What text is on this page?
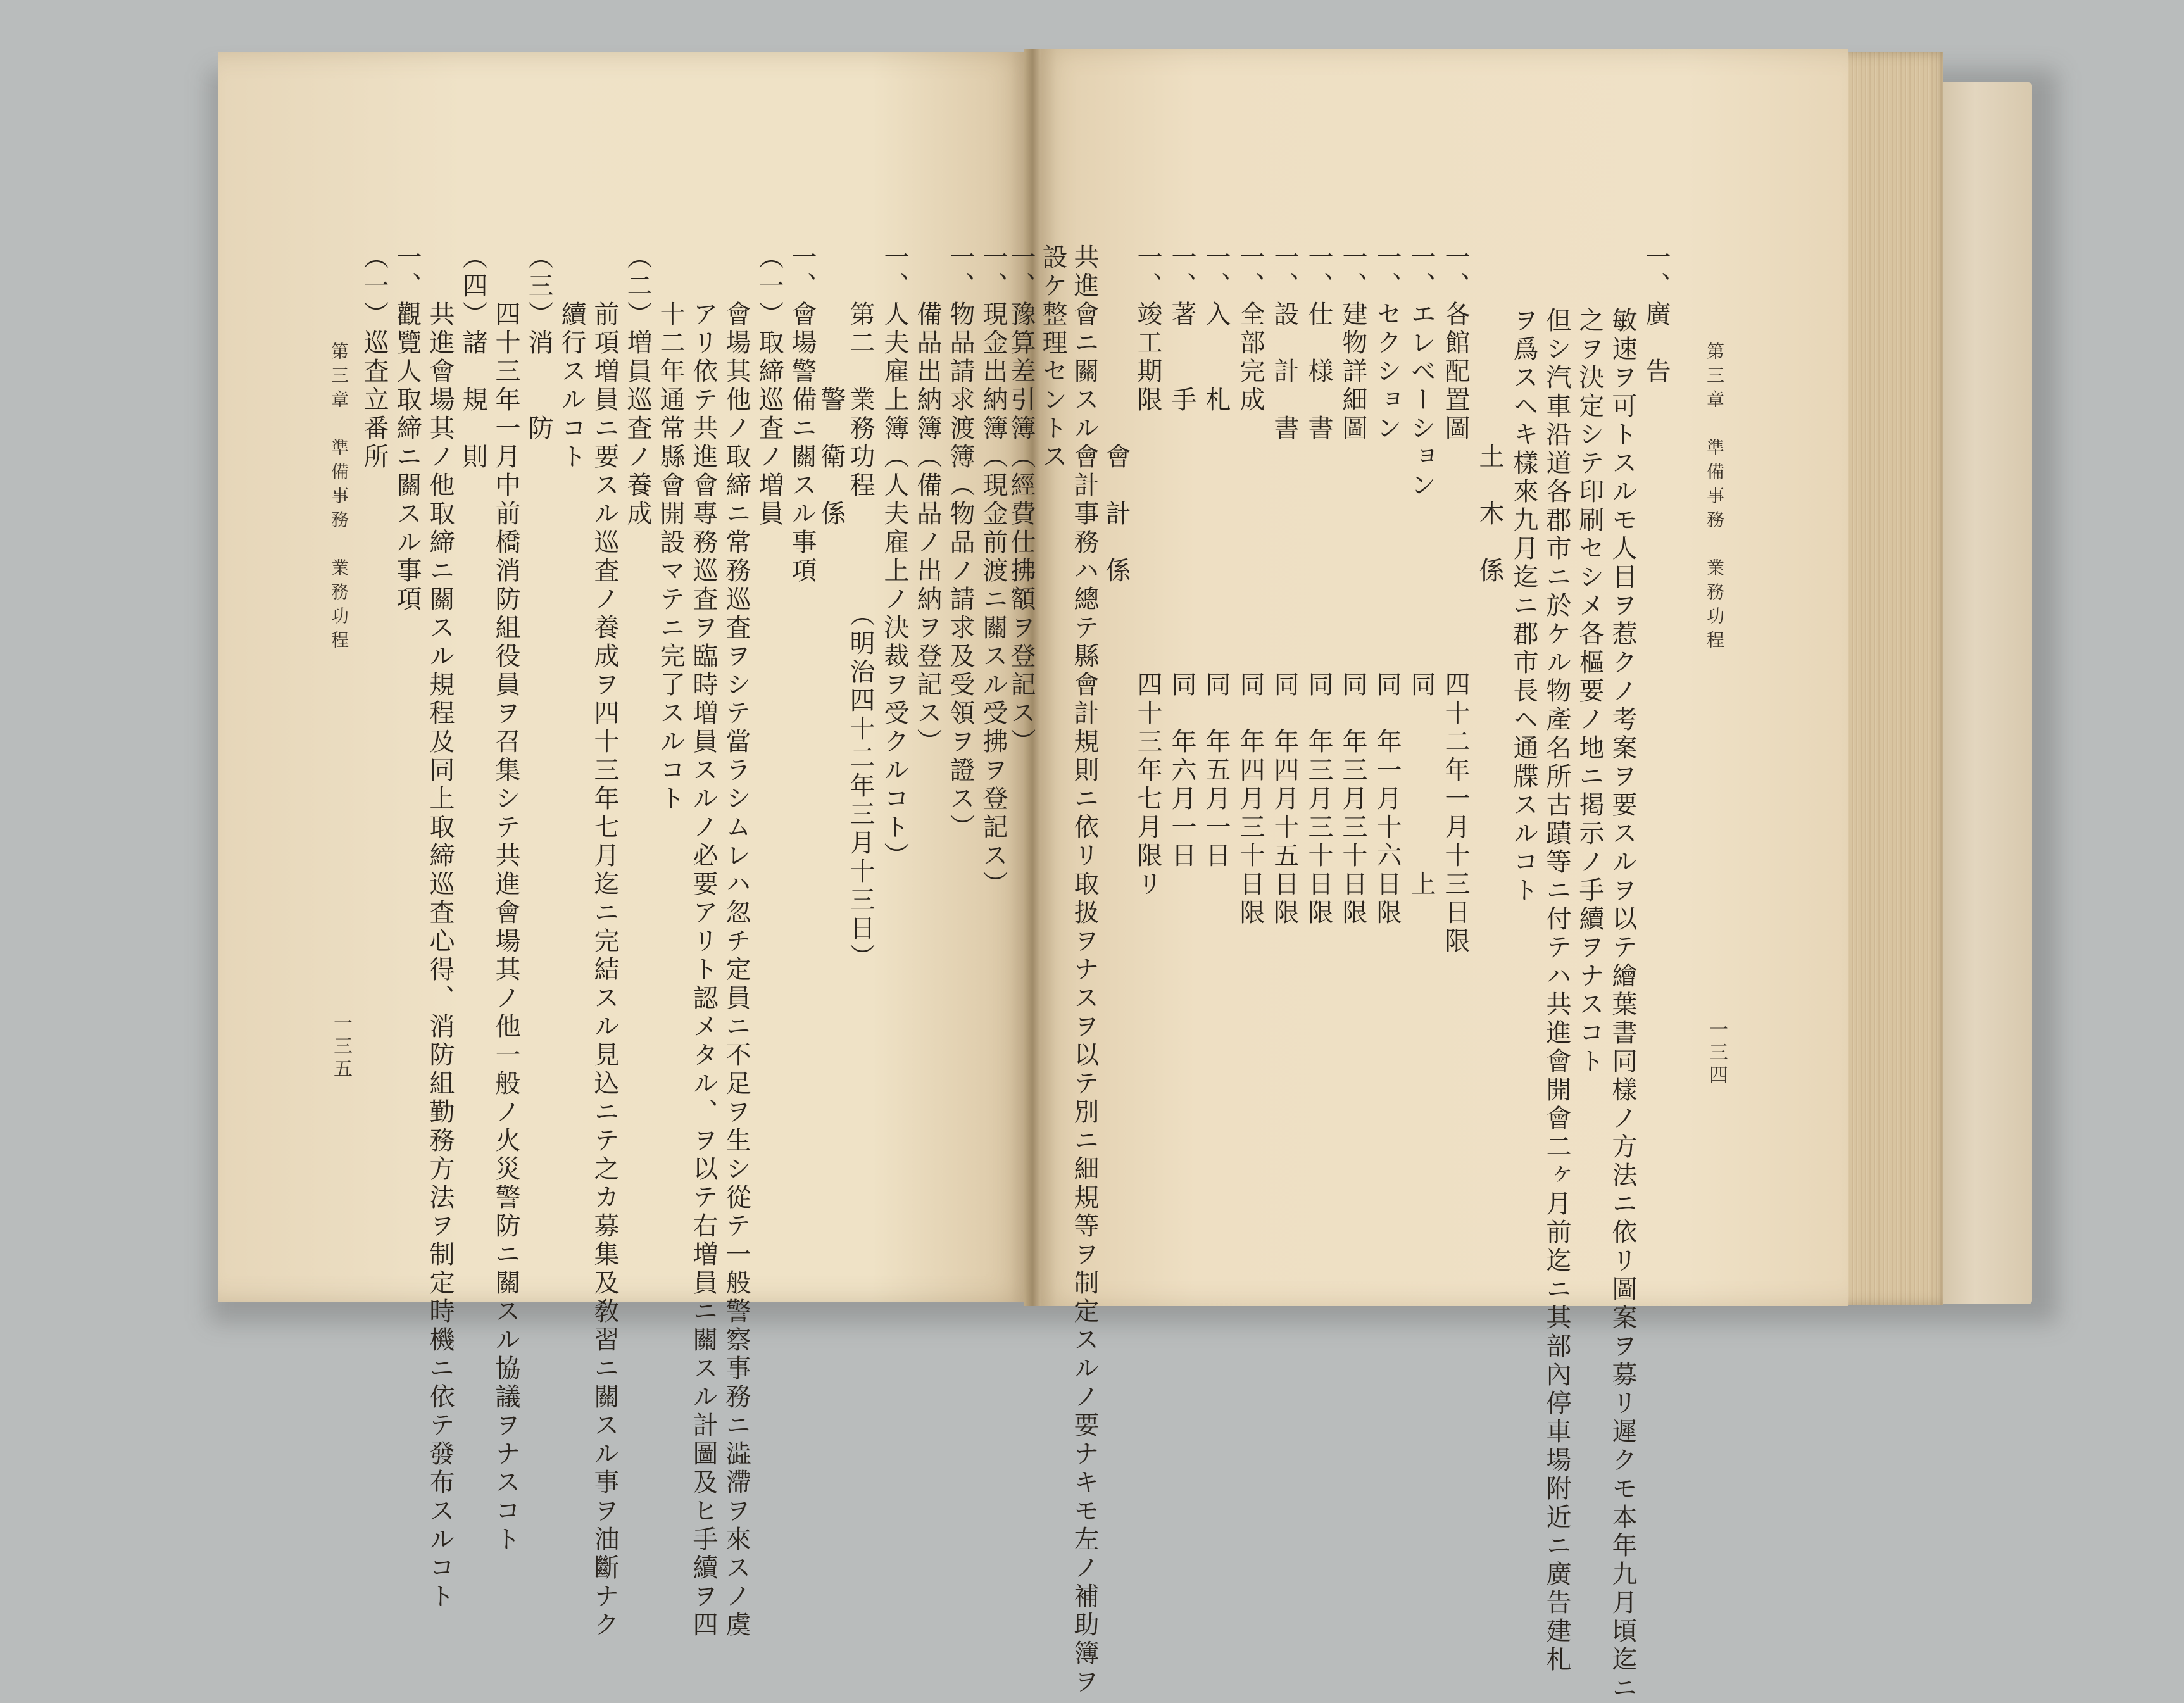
第三章　準備事務　業務功程
一三四
一、廣　告
　敏速ヲ可トスルモ人目ヲ惹クノ考案ヲ要スルヲ以テ繪葉書同樣ノ方法ニ依リ圖案ヲ募リ遲クモ本年九月頃迄ニ
　之ヲ決定シテ印刷セシメ各樞要ノ地ニ掲示ノ手續ヲナスコト
　但シ汽車沿道各郡市ニ於ケル物產名所古蹟等ニ付テハ共進會開會二ヶ月前迄ニ其部內停車場附近ニ廣告建札
　ヲ爲スヘキ樣來九月迄ニ郡市長ヘ通牒スルコト
　　　　　　　土　木　係
一、各館配置圖　　　　　　　　四十二年一月十三日限
一、エレベーション　　　　　　同　　　　　　上
一、セクション　　　　　　　　同　年一月十六日限
一、建物詳細圖　　　　　　　　同　年三月三十日限
一、仕　様　書　　　　　　　　同　年三月三十日限
一、設　計　書　　　　　　　　同　年四月十五日限
一、全部完成　　　　　　　　　同　年四月三十日限
一、入　　札　　　　　　　　　同　年五月一日
一、著　　手　　　　　　　　　同　年六月一日
一、竣工期限　　　　　　　　　四十三年七月限リ
　　　　　　　會　計　係
設ケ整理セントス
一、豫算差引簿（經費仕拂額ヲ登記ス）
一、現金出納簿（現金前渡ニ關スル受拂ヲ登記ス）
一、物品請求渡簿（物品ノ請求及受領ヲ證ス）
　　備品出納簿（備品ノ出納ヲ登記ス）
一、人夫雇上簿（人夫雇上ノ決裁ヲ受クルコト）
　　第二　業務功程　　　　（明治四十二年三月十三日）
　　　　　警　衛　係
一、會場警備ニ關スル事項
（一）取締巡査ノ増員
　　會場其他ノ取締ニ常務巡査ヲシテ當ラシムレハ忽チ定員ニ不足ヲ生シ從テ一般警察事務ニ澁滯ヲ來スノ虞
　　アリ依テ共進會專務巡査ヲ臨時増員スルノ必要アリト認メタル、ヲ以テ右増員ニ關スル計圖及ヒ手續ヲ四
　　十二年通常縣會開設マテニ完了スルコト
（二）増員巡査ノ養成
　　前項増員ニ要スル巡査ノ養成ヲ四十三年七月迄ニ完結スル見込ニテ之カ募集及敎習ニ關スル事ヲ油斷ナク
　　續行スルコト
（三）消　　防
　　四十三年一月中前橋消防組役員ヲ召集シテ共進會場其ノ他一般ノ火災警防ニ關スル協議ヲナスコト
（四）諸　規　則
　　共進會場其ノ他取締ニ關スル規程及同上取締巡査心得、消防組勤務方法ヲ制定時機ニ依テ發布スルコト
一、觀覽人取締ニ關スル事項
（一）巡査立番所
第三章　準備事務　業務功程
一三五	共進會ニ關スル會計事務ハ總テ縣會計規則ニ依リ取扱ヲナスヲ以テ別ニ細規等ヲ制定スルノ要ナキモ左ノ補助簿ヲ
